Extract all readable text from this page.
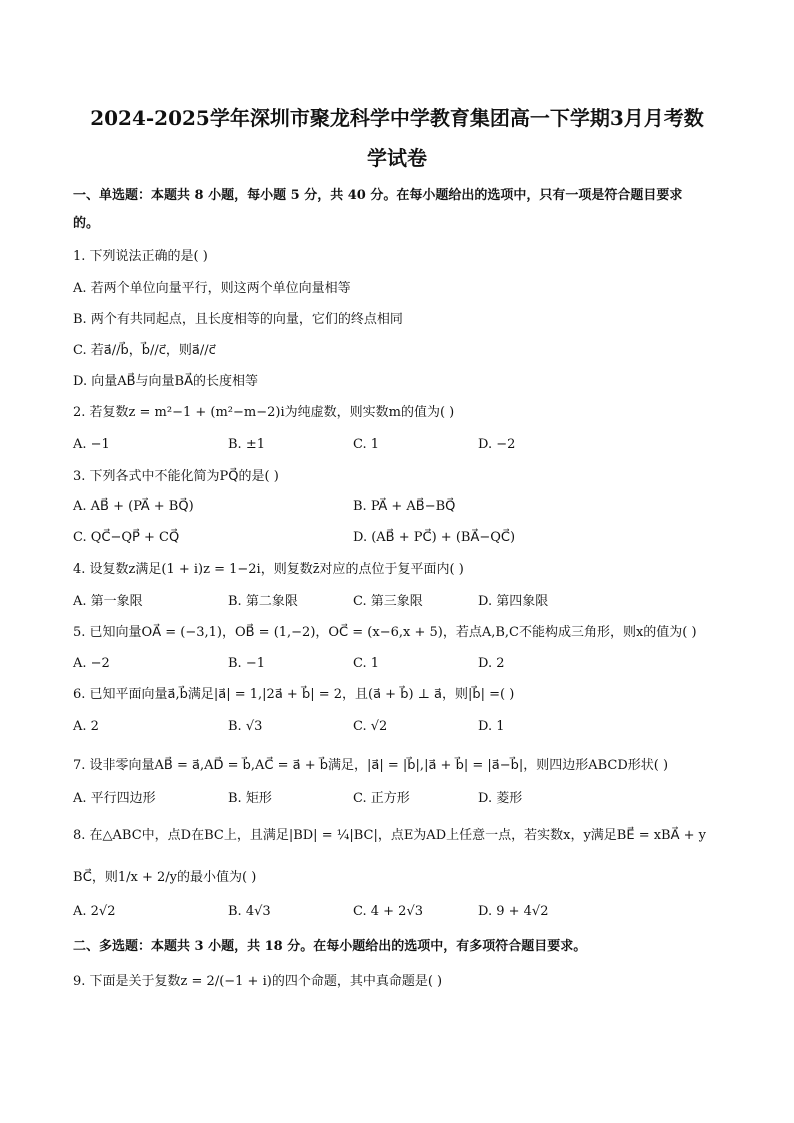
2024-2025学年深圳市聚龙科学中学教育集团高一下学期3月月考数
学试卷
一、单选题：本题共 8 小题，每小题 5 分，共 40 分。在每小题给出的选项中，只有一项是符合题目要求
的。
1. 下列说法正确的是( )
A. 若两个单位向量平行，则这两个单位向量相等
B. 两个有共同起点，且长度相等的向量，它们的终点相同
C. 若a⃗//b⃗，b⃗//c⃗，则a⃗//c⃗
D. 向量AB⃗与向量BA⃗的长度相等
2. 若复数z = m²−1 + (m²−m−2)i为纯虚数，则实数m的值为( )
A. −1	B. ±1	C. 1	D. −2
3. 下列各式中不能化简为PQ⃗的是( )
A. AB⃗ + (PA⃗ + BQ⃗)	B. PA⃗ + AB⃗−BQ⃗
C. QC⃗−QP⃗ + CQ⃗	D. (AB⃗ + PC⃗) + (BA⃗−QC⃗)
4. 设复数z满足(1 + i)z = 1−2i，则复数z̄对应的点位于复平面内( )
A. 第一象限	B. 第二象限	C. 第三象限	D. 第四象限
5. 已知向量OA⃗ = (−3,1)，OB⃗ = (1,−2)，OC⃗ = (x−6,x + 5)，若点A,B,C不能构成三角形，则x的值为( )
A. −2	B. −1	C. 1	D. 2
6. 已知平面向量a⃗,b⃗满足|a⃗| = 1,|2a⃗ + b⃗| = 2，且(a⃗ + b⃗) ⊥ a⃗，则|b⃗| =( )
A. 2	B. √3	C. √2	D. 1
7. 设非零向量AB⃗ = a⃗,AD⃗ = b⃗,AC⃗ = a⃗ + b⃗满足，|a⃗| = |b⃗|,|a⃗ + b⃗| = |a⃗−b⃗|，则四边形ABCD形状( )
A. 平行四边形	B. 矩形	C. 正方形	D. 菱形
8. 在△ABC中，点D在BC上，且满足|BD| = ¼|BC|，点E为AD上任意一点，若实数x，y满足BE⃗ = xBA⃗ + y
BC⃗，则1/x + 2/y的最小值为( )
A. 2√2	B. 4√3	C. 4 + 2√3	D. 9 + 4√2
二、多选题：本题共 3 小题，共 18 分。在每小题给出的选项中，有多项符合题目要求。
9. 下面是关于复数z = 2/(−1 + i)的四个命题，其中真命题是( )
